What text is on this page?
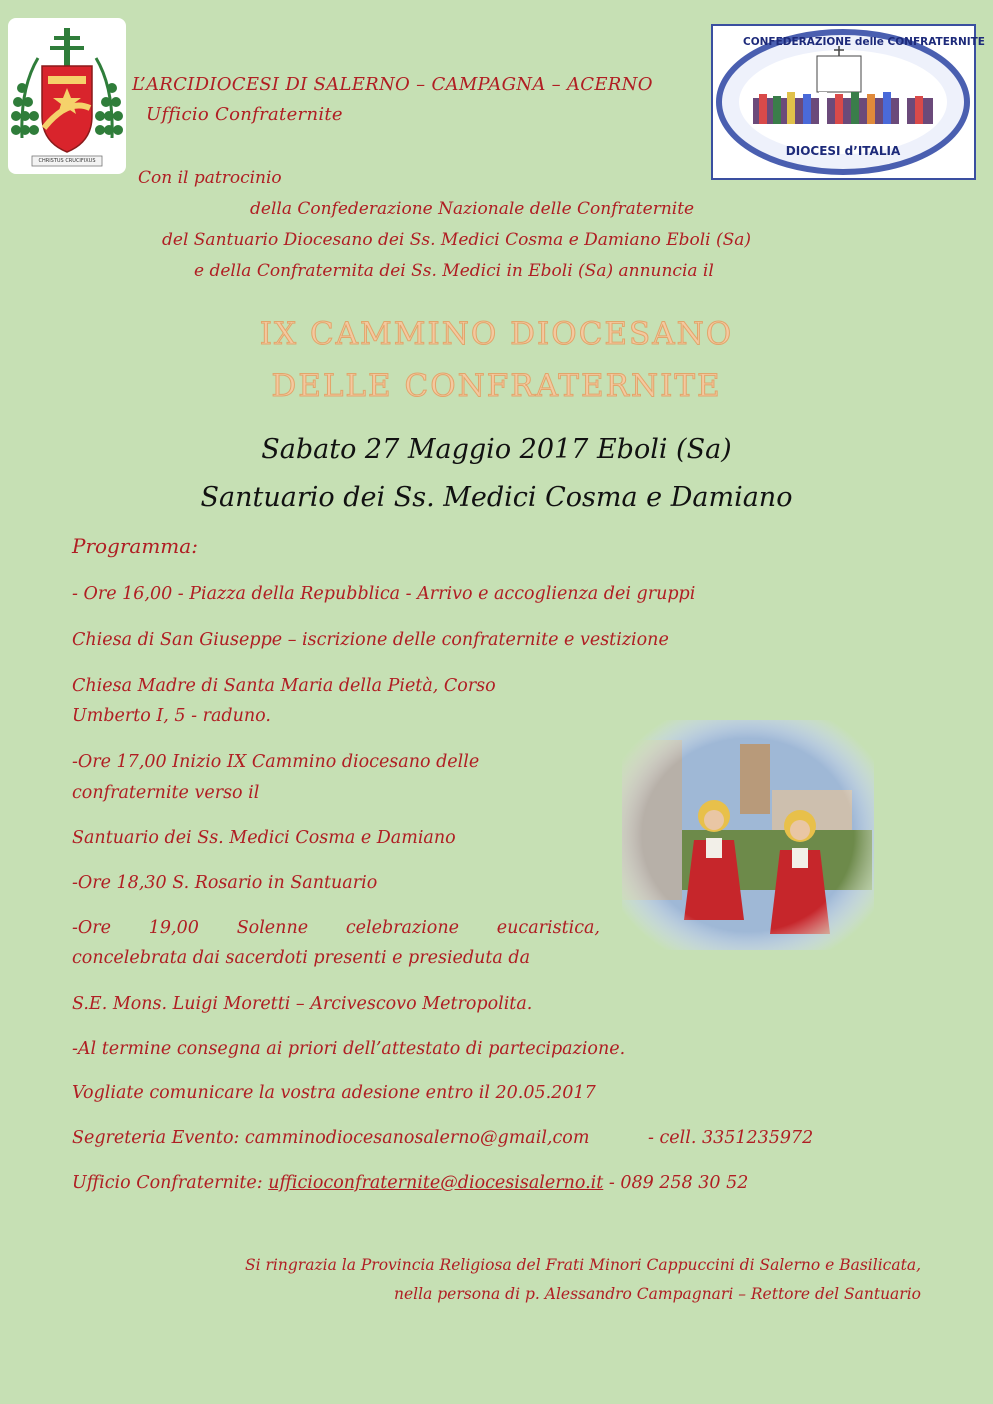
CHRISTUS CRUCIFIXUS
L’ARCIDIOCESI DI SALERNO – CAMPAGNA – ACERNO
Ufficio Confraternite
CONFEDERAZIONE delle CONFRATERNITE
DIOCESI d’ITALIA
Con il patrocinio
della Confederazione Nazionale delle Confraternite
del Santuario Diocesano dei Ss. Medici Cosma e Damiano Eboli (Sa)
e della Confraternita dei Ss. Medici in Eboli (Sa) annuncia il
IX CAMMINO DIOCESANO
DELLE CONFRATERNITE
Sabato 27 Maggio 2017 Eboli (Sa)
Santuario dei Ss. Medici Cosma e Damiano
Programma:
- Ore 16,00 - Piazza della Repubblica - Arrivo e accoglienza dei gruppi
Chiesa di San Giuseppe – iscrizione delle confraternite e vestizione
Chiesa Madre di Santa Maria della Pietà, Corso
Umberto I, 5 - raduno.
-Ore 17,00 Inizio IX Cammino diocesano delle
confraternite verso il
Santuario dei Ss. Medici Cosma e Damiano
-Ore 18,30 S. Rosario in Santuario
-Ore 19,00 Solenne celebrazione eucaristica,
concelebrata dai sacerdoti presenti e presieduta da
S.E. Mons. Luigi Moretti – Arcivescovo Metropolita.
-Al termine consegna ai priori dell’attestato di partecipazione.
Vogliate comunicare la vostra adesione entro il 20.05.2017
Segreteria Evento: camminodiocesanosalerno@gmail,com	- cell. 3351235972
Ufficio Confraternite: ufficioconfraternite@diocesisalerno.it - 089 258 30 52
Si ringrazia la Provincia Religiosa del Frati Minori Cappuccini di Salerno e Basilicata,
nella persona di p. Alessandro Campagnari – Rettore del Santuario
